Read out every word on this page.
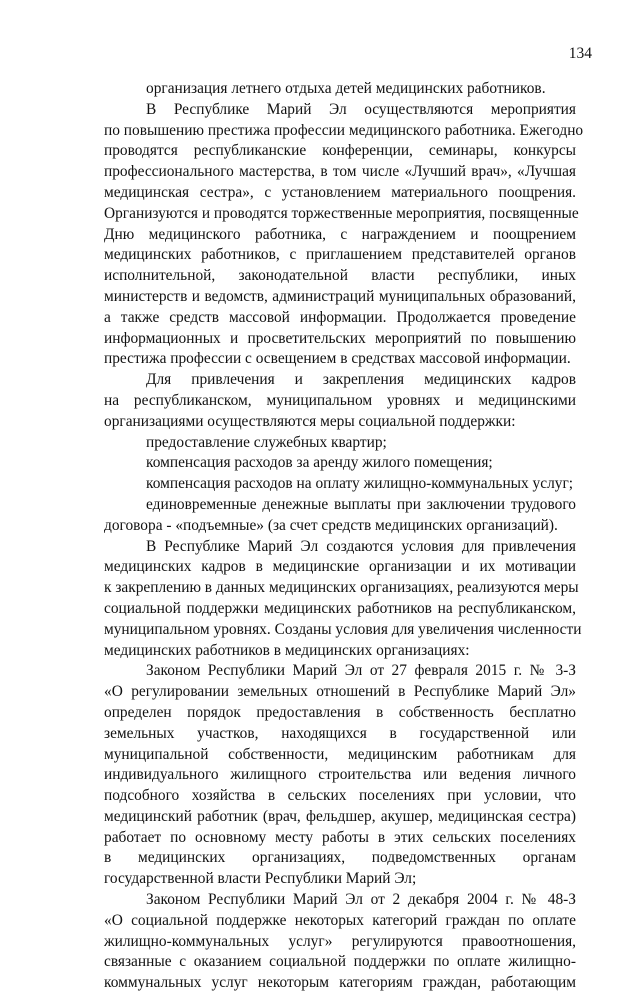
134
организация летнего отдыха детей медицинских работников.
В Республике Марий Эл осуществляются мероприятия
по повышению престижа профессии медицинского работника. Ежегодно
проводятся республиканские конференции, семинары, конкурсы
профессионального мастерства, в том числе «Лучший врач», «Лучшая
медицинская сестра», с установлением материального поощрения.
Организуются и проводятся торжественные мероприятия, посвященные
Дню медицинского работника, с награждением и поощрением
медицинских работников, с приглашением представителей органов
исполнительной, законодательной власти республики, иных
министерств и ведомств, администраций муниципальных образований,
а также средств массовой информации. Продолжается проведение
информационных и просветительских мероприятий по повышению
престижа профессии с освещением в средствах массовой информации.
Для привлечения и закрепления медицинских кадров
на республиканском, муниципальном уровнях и медицинскими
организациями осуществляются меры социальной поддержки:
предоставление служебных квартир;
компенсация расходов за аренду жилого помещения;
компенсация расходов на оплату жилищно-коммунальных услуг;
единовременные денежные выплаты при заключении трудового
договора - «подъемные» (за счет средств медицинских организаций).
В Республике Марий Эл создаются условия для привлечения
медицинских кадров в медицинские организации и их мотивации
к закреплению в данных медицинских организациях, реализуются меры
социальной поддержки медицинских работников на республиканском,
муниципальном уровнях. Созданы условия для увеличения численности
медицинских работников в медицинских организациях:
Законом Республики Марий Эл от 27 февраля 2015 г. № 3-З
«О регулировании земельных отношений в Республике Марий Эл»
определен порядок предоставления в собственность бесплатно
земельных участков, находящихся в государственной или
муниципальной собственности, медицинским работникам для
индивидуального жилищного строительства или ведения личного
подсобного хозяйства в сельских поселениях при условии, что
медицинский работник (врач, фельдшер, акушер, медицинская сестра)
работает по основному месту работы в этих сельских поселениях
в медицинских организациях, подведомственных органам
государственной власти Республики Марий Эл;
Законом Республики Марий Эл от 2 декабря 2004 г. № 48-З
«О социальной поддержке некоторых категорий граждан по оплате
жилищно-коммунальных услуг» регулируются правоотношения,
связанные с оказанием социальной поддержки по оплате жилищно-
коммунальных услуг некоторым категориям граждан, работающим
